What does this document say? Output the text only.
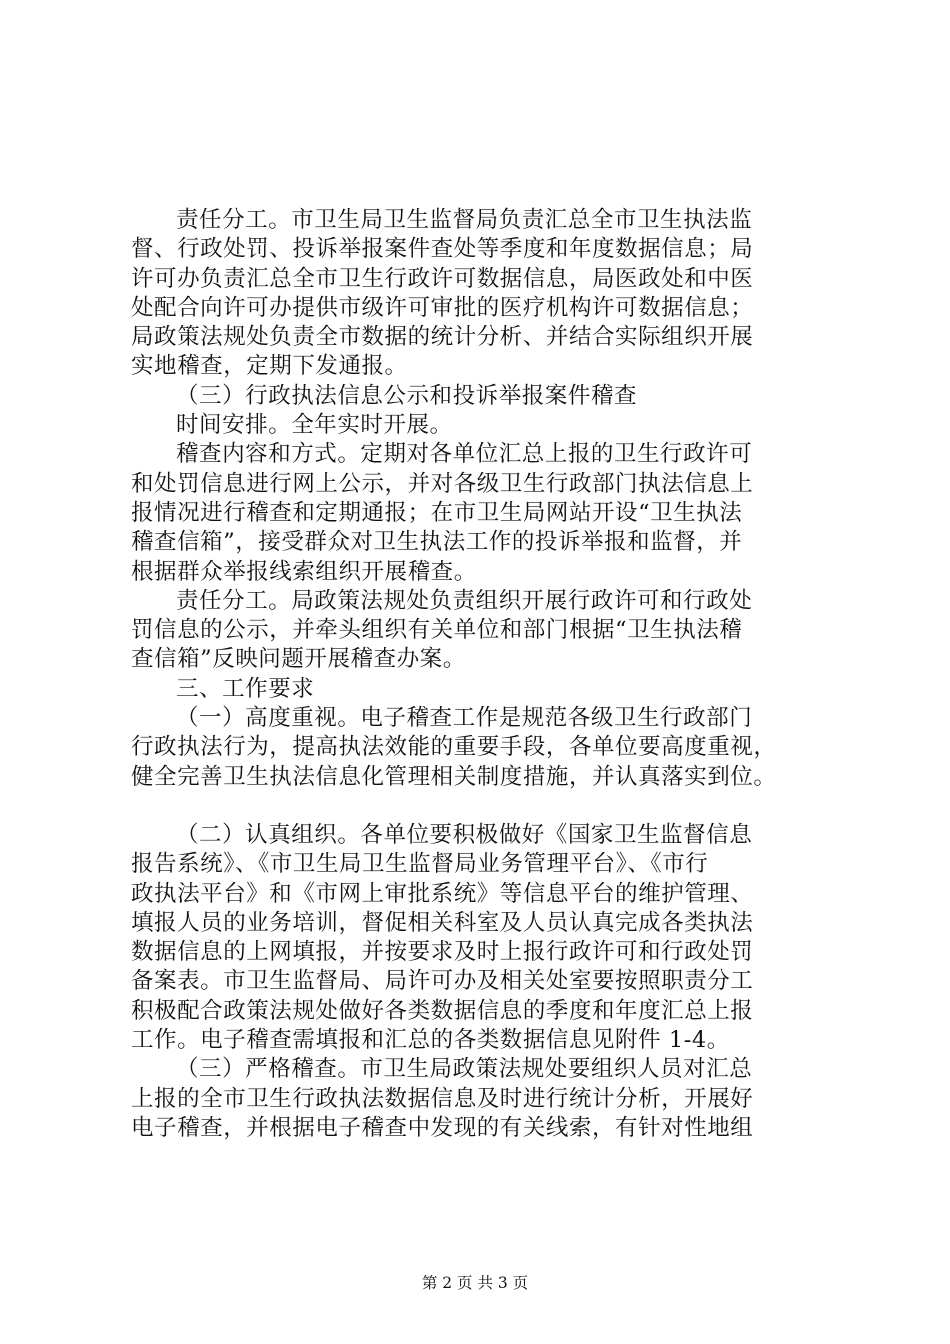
责任分工。市卫生局卫生监督局负责汇总全市卫生执法监
督、行政处罚、投诉举报案件查处等季度和年度数据信息；局
许可办负责汇总全市卫生行政许可数据信息，局医政处和中医
处配合向许可办提供市级许可审批的医疗机构许可数据信息；
局政策法规处负责全市数据的统计分析、并结合实际组织开展
实地稽查，定期下发通报。

（三）行政执法信息公示和投诉举报案件稽查

时间安排。全年实时开展。

稽查内容和方式。定期对各单位汇总上报的卫生行政许可
和处罚信息进行网上公示，并对各级卫生行政部门执法信息上
报情况进行稽查和定期通报；在市卫生局网站开设“卫生执法
稽查信箱”，接受群众对卫生执法工作的投诉举报和监督，并
根据群众举报线索组织开展稽查。

责任分工。局政策法规处负责组织开展行政许可和行政处
罚信息的公示，并牵头组织有关单位和部门根据“卫生执法稽
查信箱”反映问题开展稽查办案。

三、工作要求

（一）高度重视。电子稽查工作是规范各级卫生行政部门
行政执法行为，提高执法效能的重要手段，各单位要高度重视，
健全完善卫生执法信息化管理相关制度措施，并认真落实到位。

（二）认真组织。各单位要积极做好《国家卫生监督信息
报告系统》、《市卫生局卫生监督局业务管理平台》、《市行
政执法平台》和《市网上审批系统》等信息平台的维护管理、
填报人员的业务培训，督促相关科室及人员认真完成各类执法
数据信息的上网填报，并按要求及时上报行政许可和行政处罚
备案表。市卫生监督局、局许可办及相关处室要按照职责分工
积极配合政策法规处做好各类数据信息的季度和年度汇总上报
工作。电子稽查需填报和汇总的各类数据信息见附件 1-4。

（三）严格稽查。市卫生局政策法规处要组织人员对汇总
上报的全市卫生行政执法数据信息及时进行统计分析，开展好
电子稽查，并根据电子稽查中发现的有关线索，有针对性地组

第 2 页 共 3 页
